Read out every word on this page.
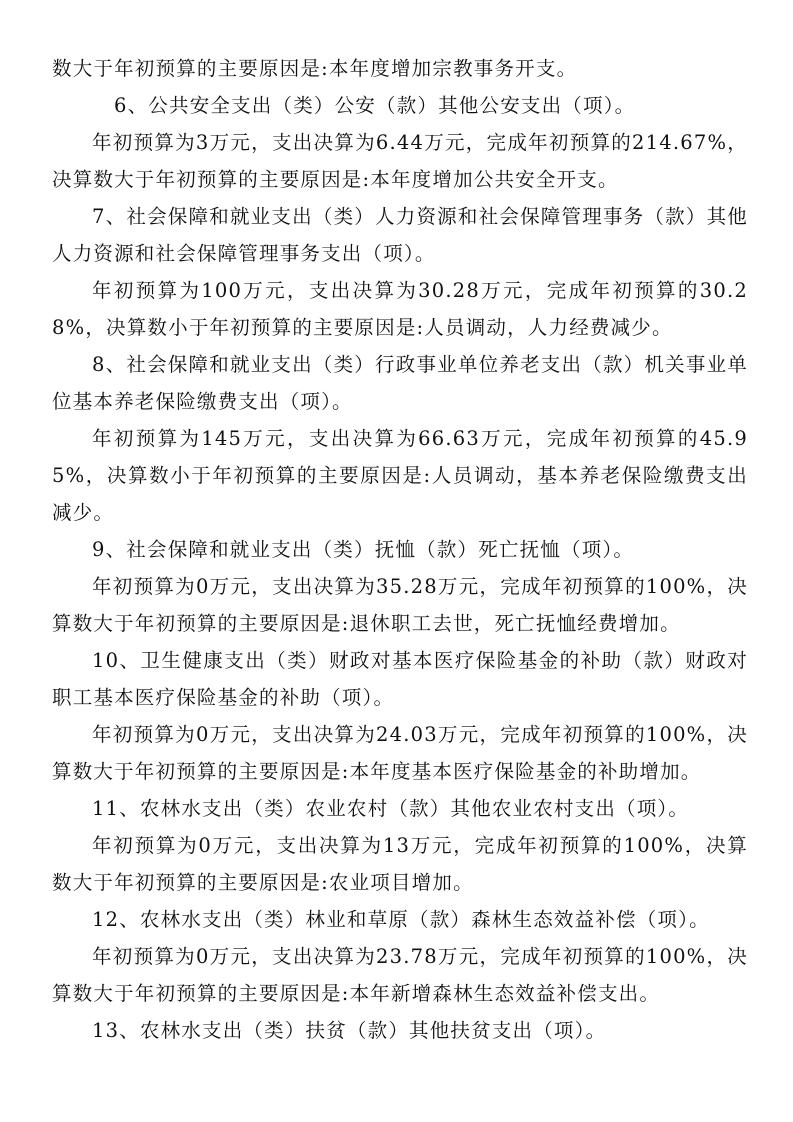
数大于年初预算的主要原因是:本年度增加宗教事务开支。

6、公共安全支出（类）公安（款）其他公安支出（项）。

年初预算为3万元，支出决算为6.44万元，完成年初预算的214.67%，决算数大于年初预算的主要原因是:本年度增加公共安全开支。

7、社会保障和就业支出（类）人力资源和社会保障管理事务（款）其他人力资源和社会保障管理事务支出（项）。

年初预算为100万元，支出决算为30.28万元，完成年初预算的30.28%，决算数小于年初预算的主要原因是:人员调动，人力经费减少。

8、社会保障和就业支出（类）行政事业单位养老支出（款）机关事业单位基本养老保险缴费支出（项）。

年初预算为145万元，支出决算为66.63万元，完成年初预算的45.95%，决算数小于年初预算的主要原因是:人员调动，基本养老保险缴费支出减少。

9、社会保障和就业支出（类）抚恤（款）死亡抚恤（项）。

年初预算为0万元，支出决算为35.28万元，完成年初预算的100%，决算数大于年初预算的主要原因是:退休职工去世，死亡抚恤经费增加。

10、卫生健康支出（类）财政对基本医疗保险基金的补助（款）财政对职工基本医疗保险基金的补助（项）。

年初预算为0万元，支出决算为24.03万元，完成年初预算的100%，决算数大于年初预算的主要原因是:本年度基本医疗保险基金的补助增加。

11、农林水支出（类）农业农村（款）其他农业农村支出（项）。

年初预算为0万元，支出决算为13万元，完成年初预算的100%，决算数大于年初预算的主要原因是:农业项目增加。

12、农林水支出（类）林业和草原（款）森林生态效益补偿（项）。

年初预算为0万元，支出决算为23.78万元，完成年初预算的100%，决算数大于年初预算的主要原因是:本年新增森林生态效益补偿支出。

13、农林水支出（类）扶贫（款）其他扶贫支出（项）。
